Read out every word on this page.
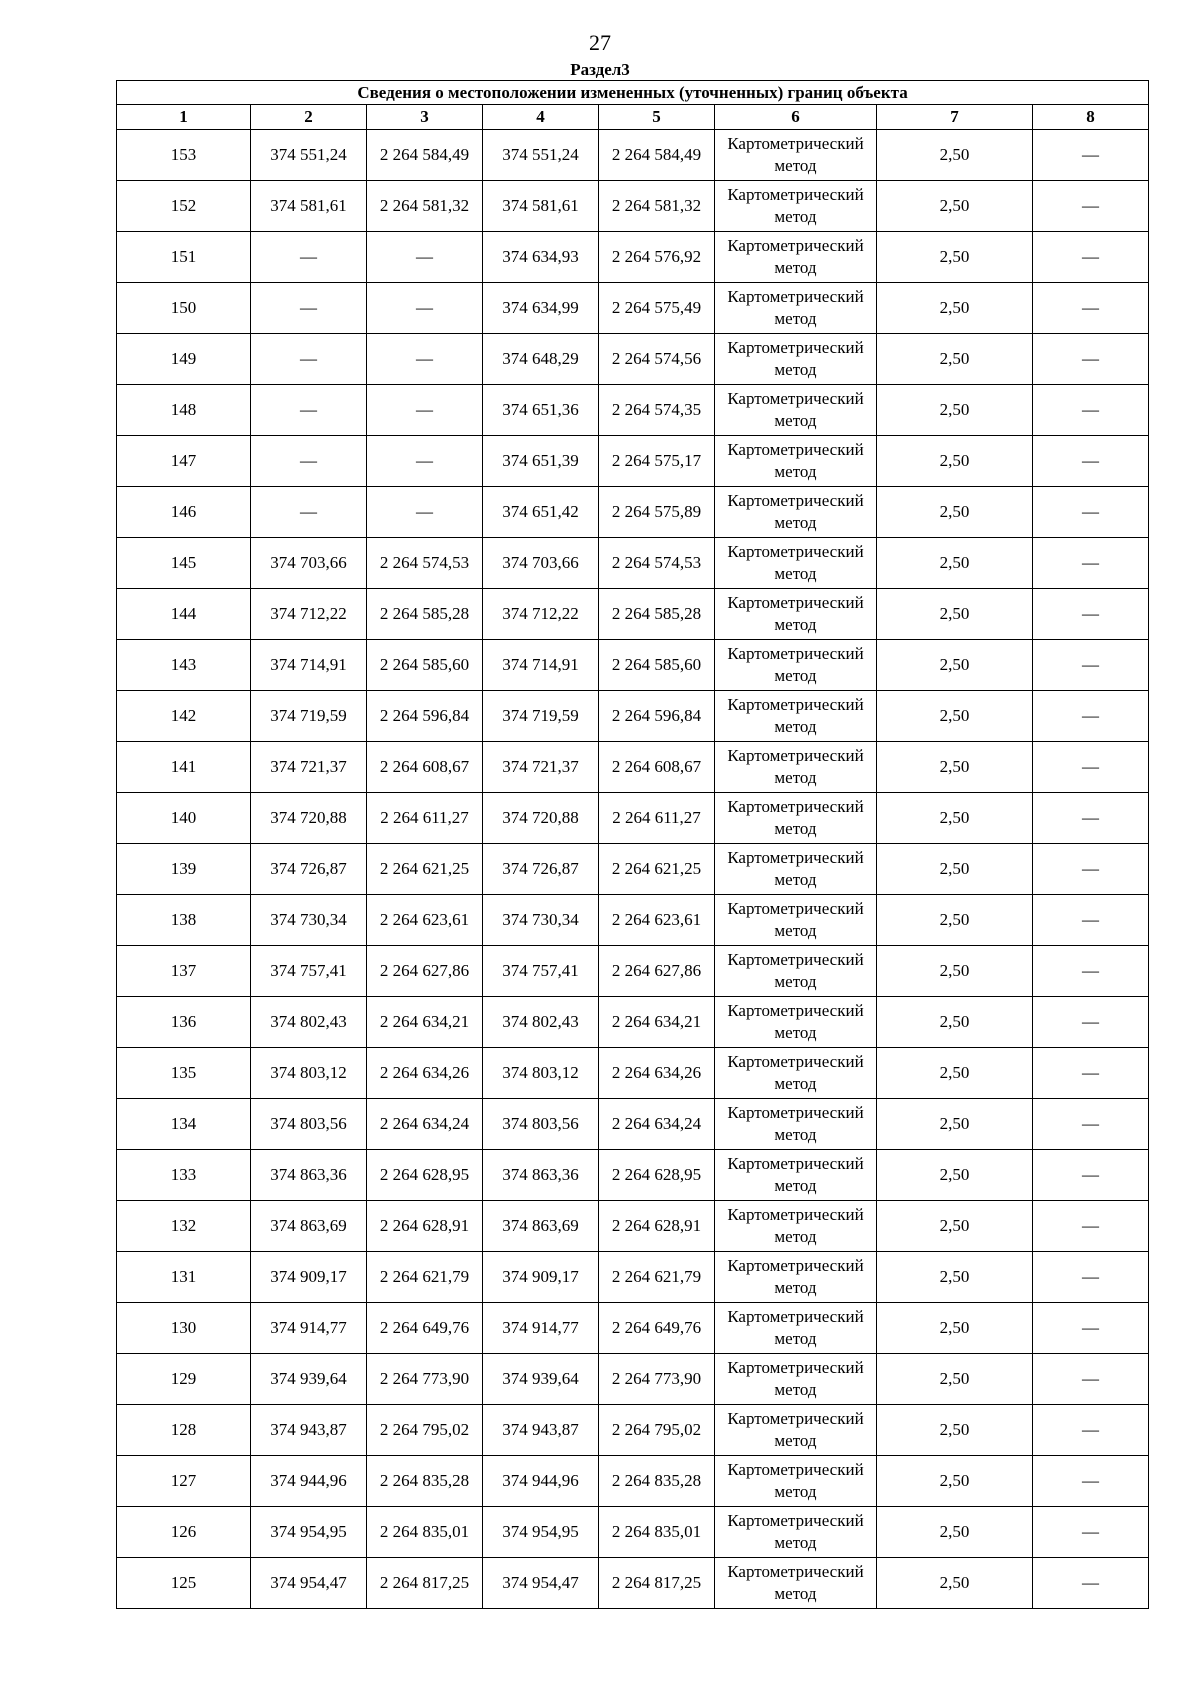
27
Раздел3
Сведения о местоположении измененных (уточненных) границ объекта							
1	2	3	4	5	6	7	8
153	374 551,24	2 264 584,49	374 551,24	2 264 584,49	Картометрический метод	2,50	—
152	374 581,61	2 264 581,32	374 581,61	2 264 581,32	Картометрический метод	2,50	—
151	—	—	374 634,93	2 264 576,92	Картометрический метод	2,50	—
150	—	—	374 634,99	2 264 575,49	Картометрический метод	2,50	—
149	—	—	374 648,29	2 264 574,56	Картометрический метод	2,50	—
148	—	—	374 651,36	2 264 574,35	Картометрический метод	2,50	—
147	—	—	374 651,39	2 264 575,17	Картометрический метод	2,50	—
146	—	—	374 651,42	2 264 575,89	Картометрический метод	2,50	—
145	374 703,66	2 264 574,53	374 703,66	2 264 574,53	Картометрический метод	2,50	—
144	374 712,22	2 264 585,28	374 712,22	2 264 585,28	Картометрический метод	2,50	—
143	374 714,91	2 264 585,60	374 714,91	2 264 585,60	Картометрический метод	2,50	—
142	374 719,59	2 264 596,84	374 719,59	2 264 596,84	Картометрический метод	2,50	—
141	374 721,37	2 264 608,67	374 721,37	2 264 608,67	Картометрический метод	2,50	—
140	374 720,88	2 264 611,27	374 720,88	2 264 611,27	Картометрический метод	2,50	—
139	374 726,87	2 264 621,25	374 726,87	2 264 621,25	Картометрический метод	2,50	—
138	374 730,34	2 264 623,61	374 730,34	2 264 623,61	Картометрический метод	2,50	—
137	374 757,41	2 264 627,86	374 757,41	2 264 627,86	Картометрический метод	2,50	—
136	374 802,43	2 264 634,21	374 802,43	2 264 634,21	Картометрический метод	2,50	—
135	374 803,12	2 264 634,26	374 803,12	2 264 634,26	Картометрический метод	2,50	—
134	374 803,56	2 264 634,24	374 803,56	2 264 634,24	Картометрический метод	2,50	—
133	374 863,36	2 264 628,95	374 863,36	2 264 628,95	Картометрический метод	2,50	—
132	374 863,69	2 264 628,91	374 863,69	2 264 628,91	Картометрический метод	2,50	—
131	374 909,17	2 264 621,79	374 909,17	2 264 621,79	Картометрический метод	2,50	—
130	374 914,77	2 264 649,76	374 914,77	2 264 649,76	Картометрический метод	2,50	—
129	374 939,64	2 264 773,90	374 939,64	2 264 773,90	Картометрический метод	2,50	—
128	374 943,87	2 264 795,02	374 943,87	2 264 795,02	Картометрический метод	2,50	—
127	374 944,96	2 264 835,28	374 944,96	2 264 835,28	Картометрический метод	2,50	—
126	374 954,95	2 264 835,01	374 954,95	2 264 835,01	Картометрический метод	2,50	—
125	374 954,47	2 264 817,25	374 954,47	2 264 817,25	Картометрический метод	2,50	—
